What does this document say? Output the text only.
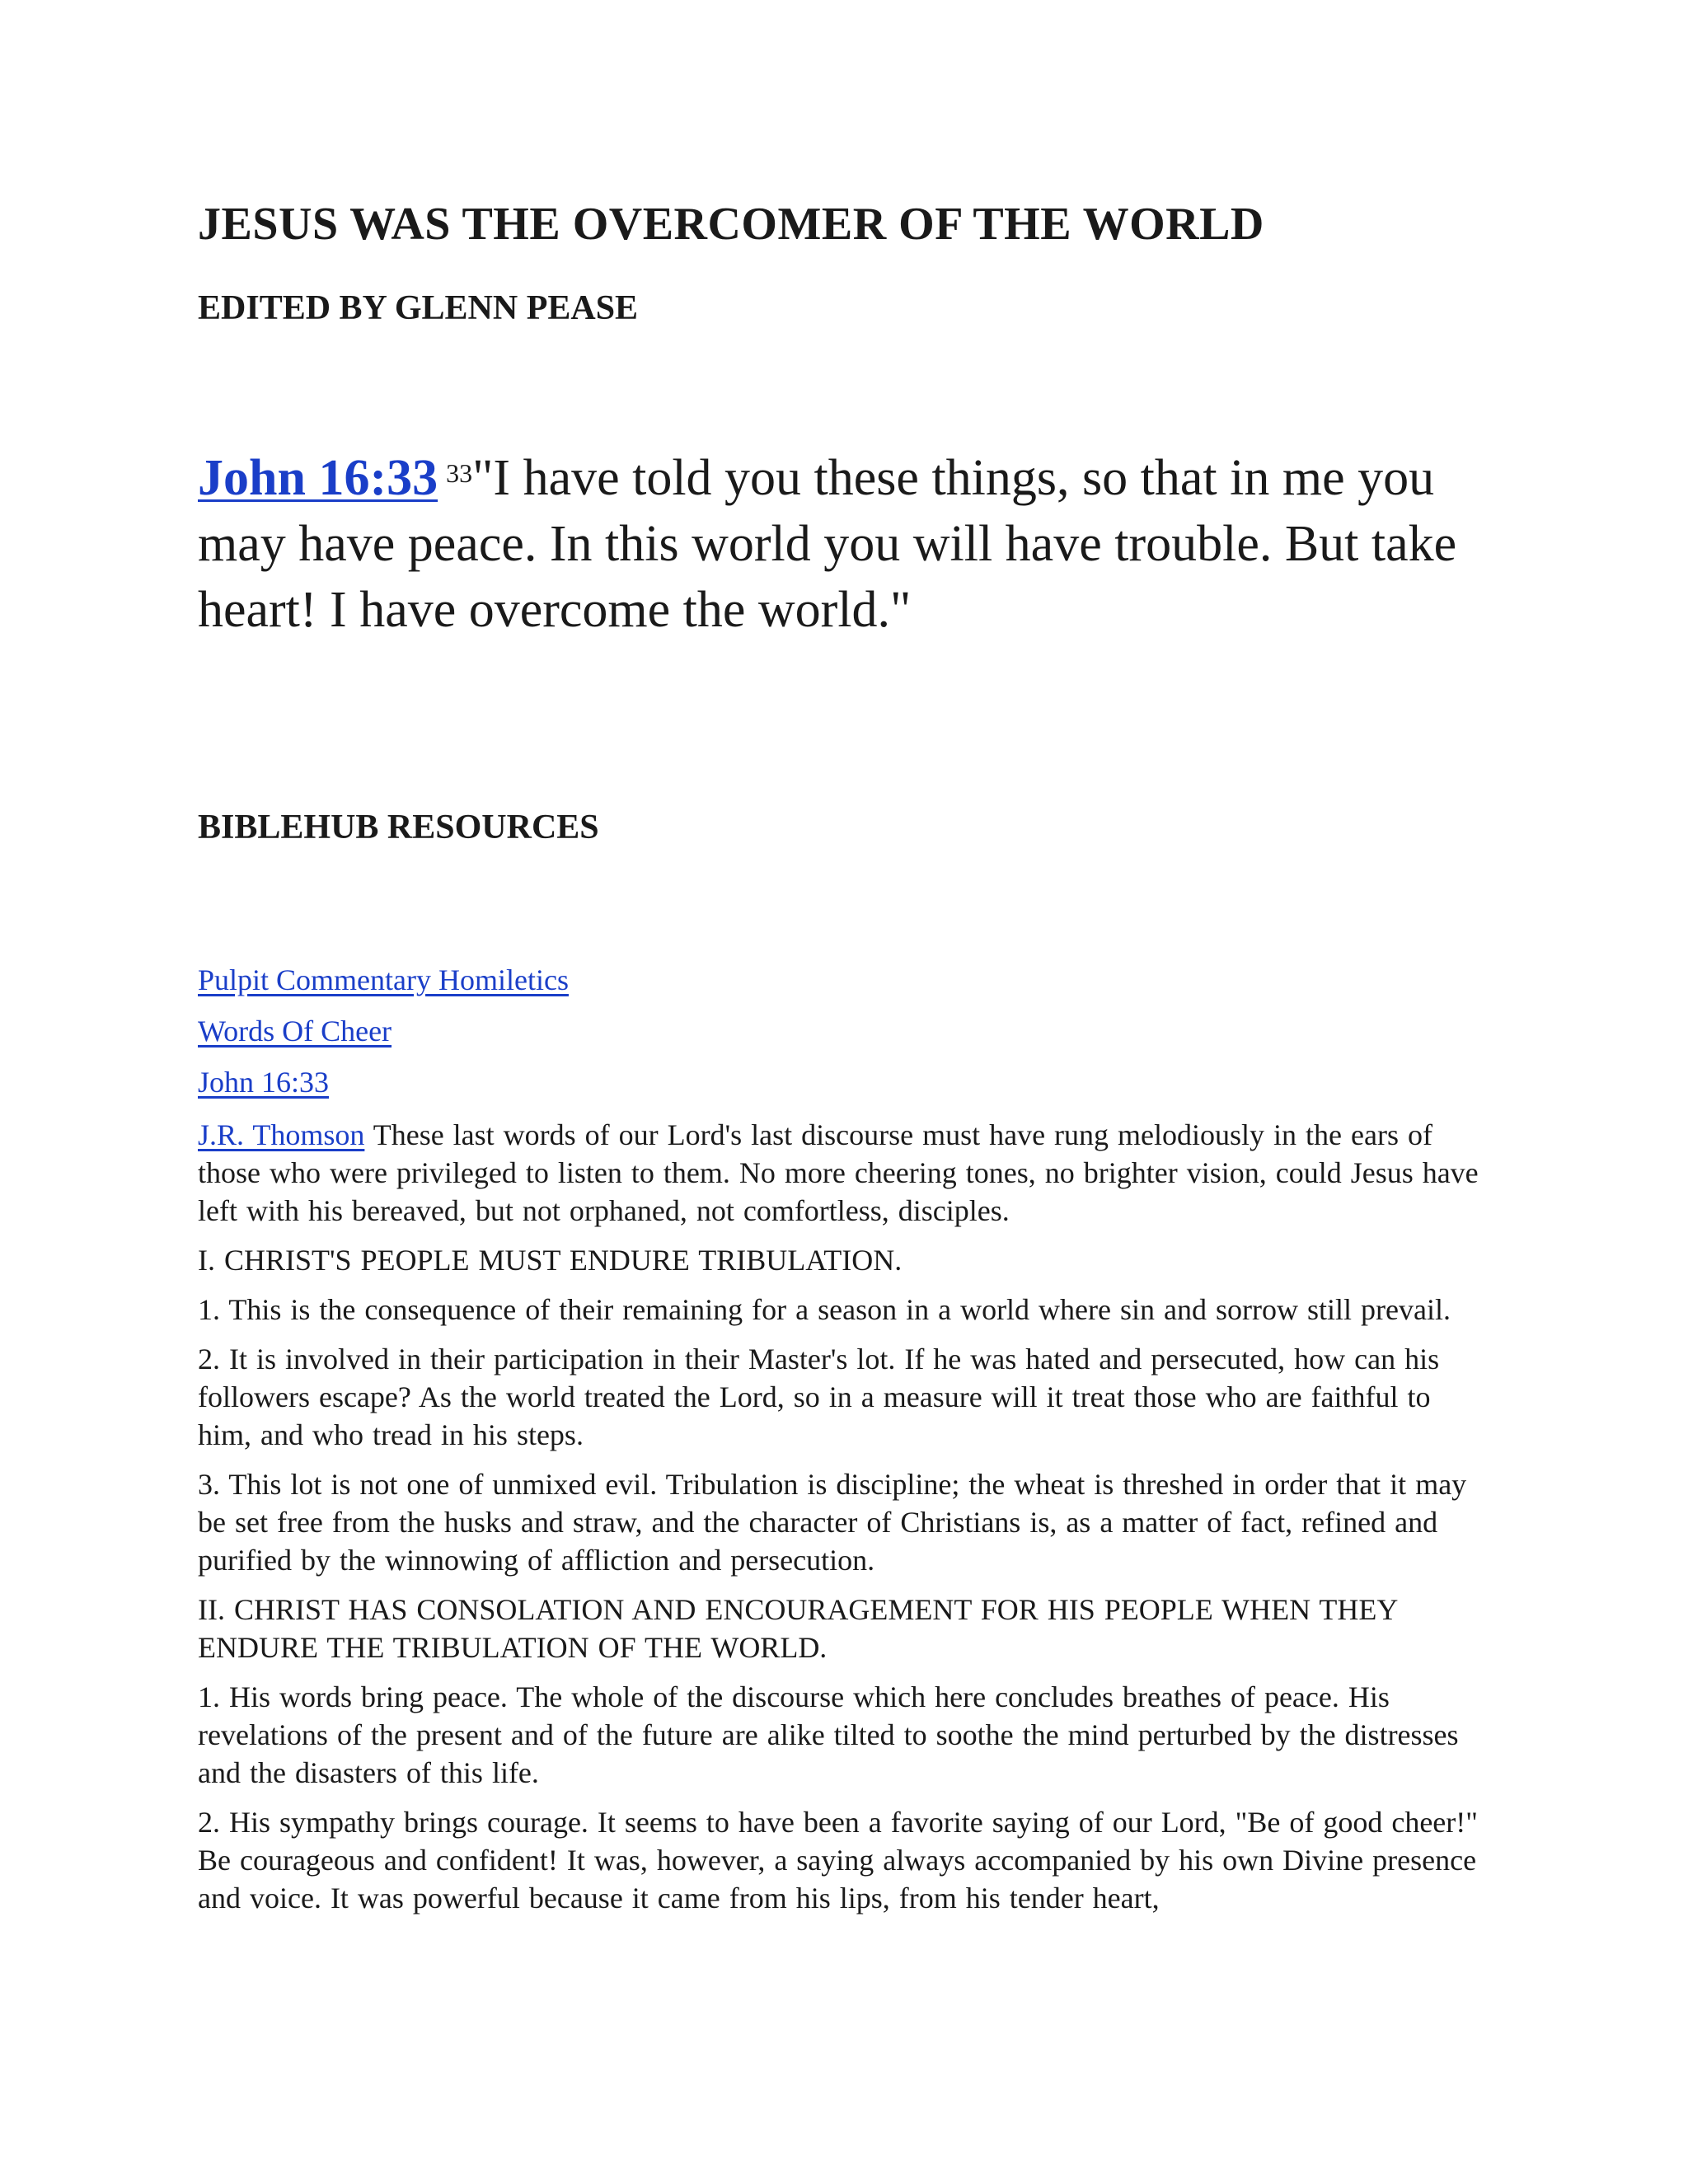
JESUS WAS THE OVERCOMER OF THE WORLD
EDITED BY GLENN PEASE

John 16:33 $^{33}$"I have told you these things, so that in me you may have peace. In this world you will have trouble. But take heart! I have overcome the world."

BIBLEHUB RESOURCES
Pulpit Commentary Homiletics
Words Of Cheer
John 16:33

J.R. Thomson These last words of our Lord's last discourse must have rung melodiously in the ears of those who were privileged to listen to them. No more cheering tones, no brighter vision, could Jesus have left with his bereaved, but not orphaned, not comfortless, disciples.

I. CHRIST'S PEOPLE MUST ENDURE TRIBULATION.

1. This is the consequence of their remaining for a season in a world where sin and sorrow still prevail.

2. It is involved in their participation in their Master's lot. If he was hated and persecuted, how can his followers escape? As the world treated the Lord, so in a measure will it treat those who are faithful to him, and who tread in his steps.

3. This lot is not one of unmixed evil. Tribulation is discipline; the wheat is threshed in order that it may be set free from the husks and straw, and the character of Christians is, as a matter of fact, refined and purified by the winnowing of affliction and persecution.

II. CHRIST HAS CONSOLATION AND ENCOURAGEMENT FOR HIS PEOPLE WHEN THEY ENDURE THE TRIBULATION OF THE WORLD.

1. His words bring peace. The whole of the discourse which here concludes breathes of peace. His revelations of the present and of the future are alike tilted to soothe the mind perturbed by the distresses and the disasters of this life.

2. His sympathy brings courage. It seems to have been a favorite saying of our Lord, "Be of good cheer!" Be courageous and confident! It was, however, a saying always accompanied by his own Divine presence and voice. It was powerful because it came from his lips, from his tender heart,
